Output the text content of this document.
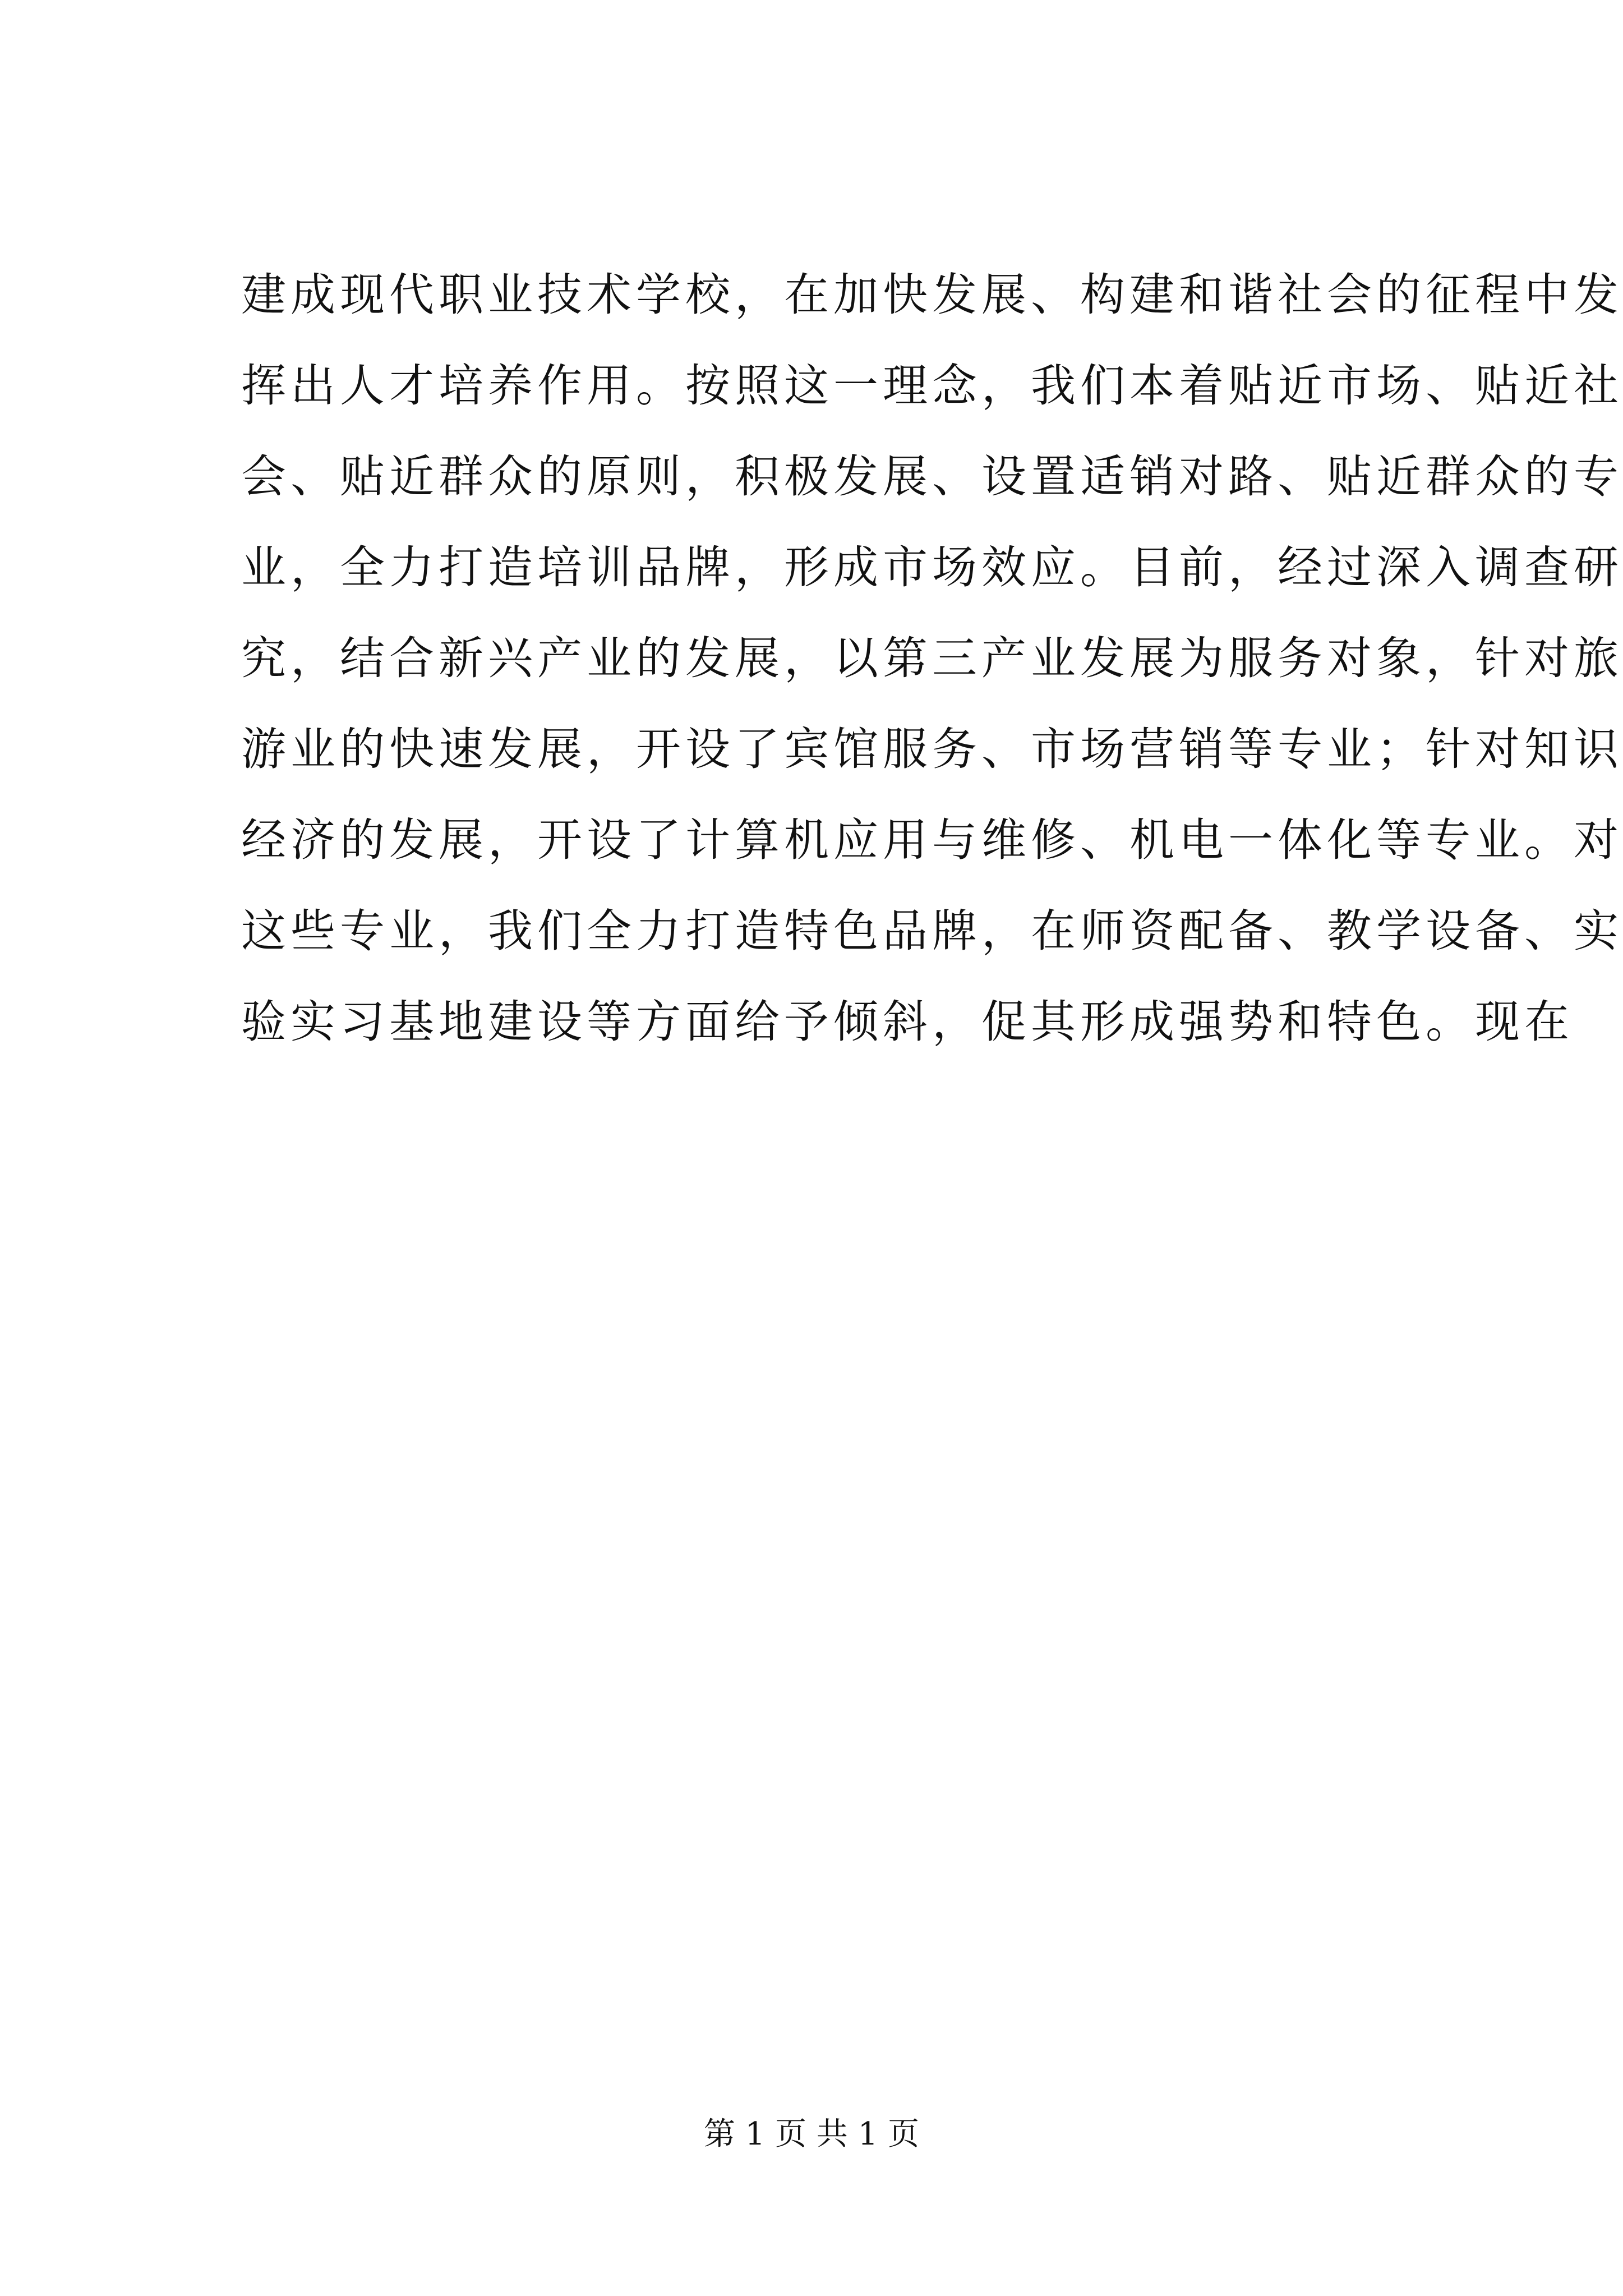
建成现代职业技术学校，在加快发展、构建和谐社会的征程中发
挥出人才培养作用。按照这一理念，我们本着贴近市场、贴近社
会、贴近群众的原则，积极发展、设置适销对路、贴近群众的专
业，全力打造培训品牌，形成市场效应。目前，经过深入调查研
究，结合新兴产业的发展，以第三产业发展为服务对象，针对旅
游业的快速发展，开设了宾馆服务、市场营销等专业；针对知识
经济的发展，开设了计算机应用与维修、机电一体化等专业。对
这些专业，我们全力打造特色品牌，在师资配备、教学设备、实
验实习基地建设等方面给予倾斜，促其形成强势和特色。现在
第 1 页 共 1 页
